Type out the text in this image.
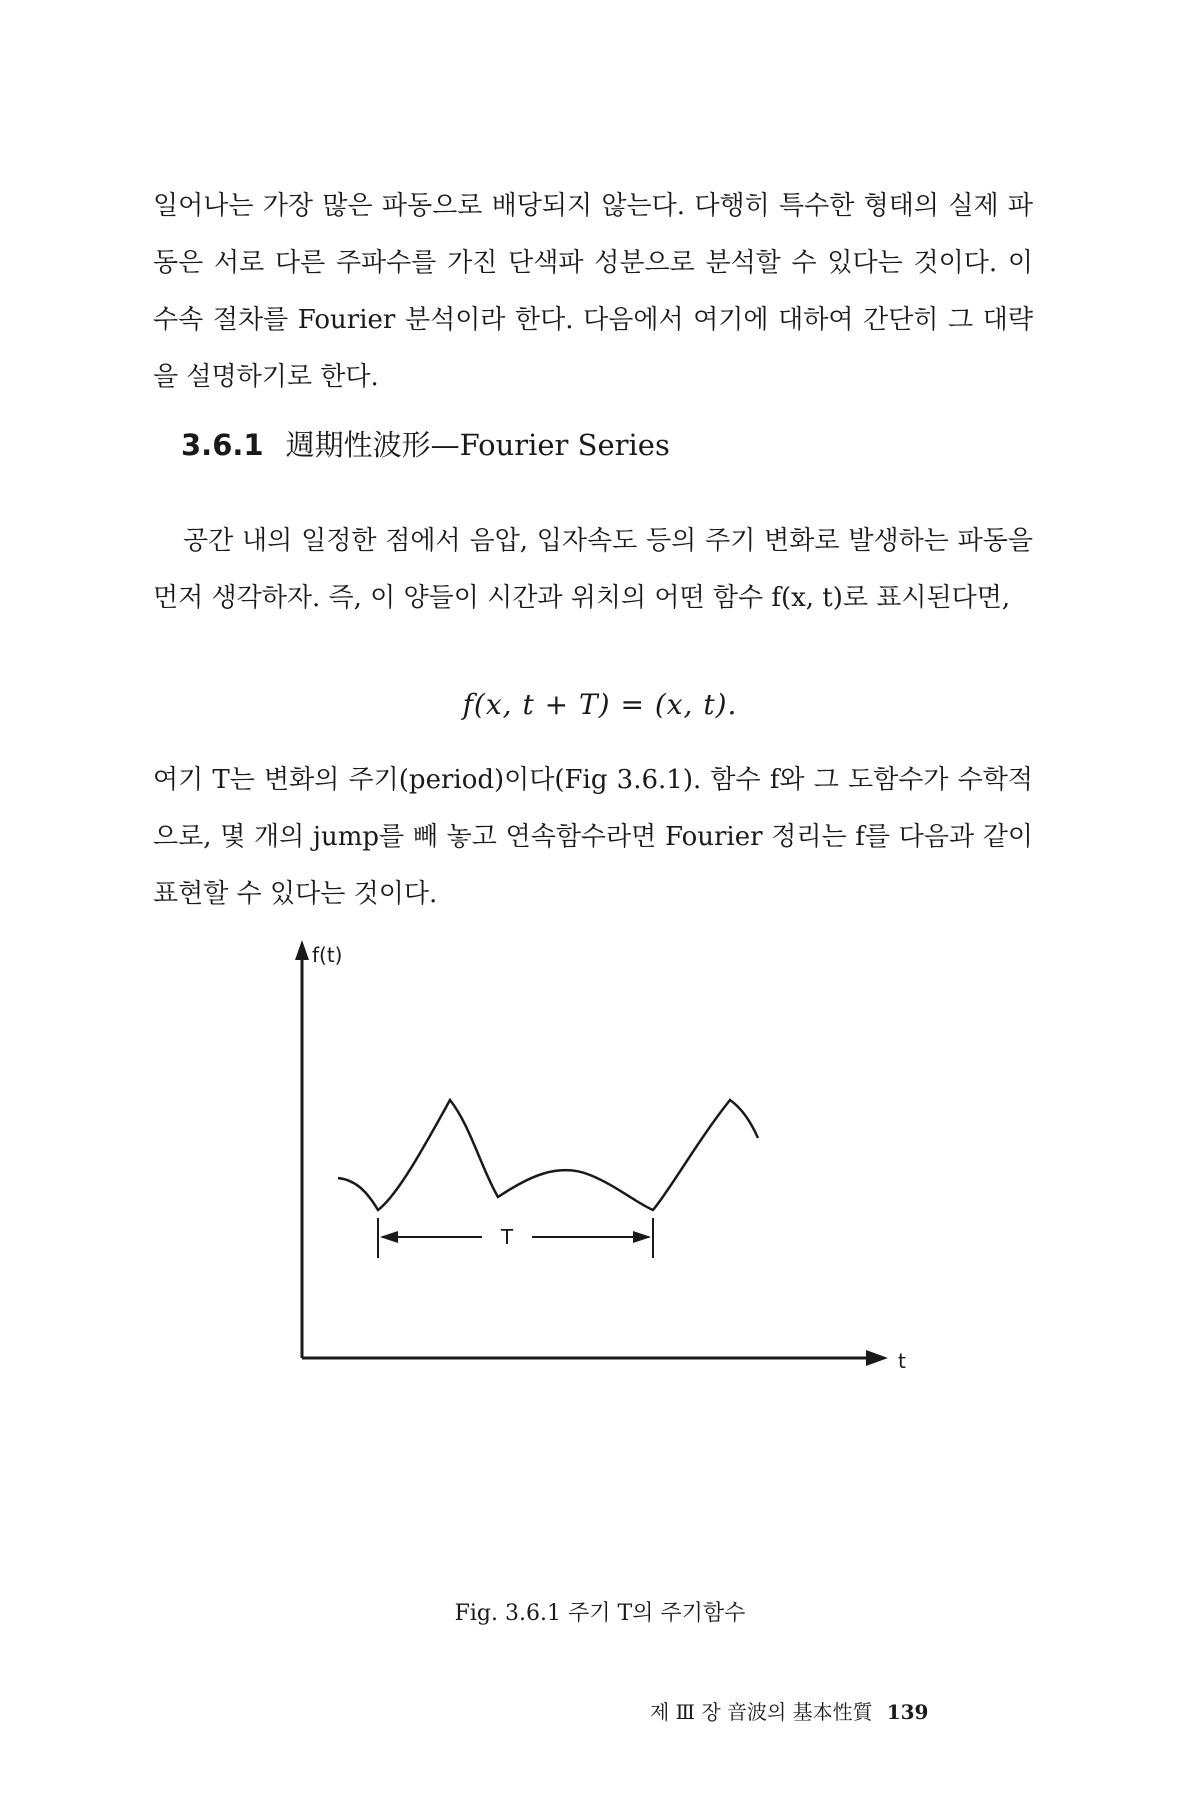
일어나는 가장 많은 파동으로 배당되지 않는다. 다행히 특수한 형태의 실제 파동은 서로 다른 주파수를 가진 단색파 성분으로 분석할 수 있다는 것이다. 이 수속 절차를 Fourier 분석이라 한다. 다음에서 여기에 대하여 간단히 그 대략을 설명하기로 한다.

3.6.1 週期性波形—Fourier Series

공간 내의 일정한 점에서 음압, 입자속도 등의 주기 변화로 발생하는 파동을 먼저 생각하자. 즉, 이 양들이 시간과 위치의 어떤 함수 f(x, t)로 표시된다면,

f(x, t + T) = (x, t).

여기 T는 변화의 주기(period)이다(Fig 3.6.1). 함수 f와 그 도함수가 수학적으로, 몇 개의 jump를 빼 놓고 연속함수라면 Fourier 정리는 f를 다음과 같이 표현할 수 있다는 것이다.

f(t)
t
T

Fig. 3.6.1 주기 T의 주기함수

제 Ⅲ 장 音波의 基本性質 139
